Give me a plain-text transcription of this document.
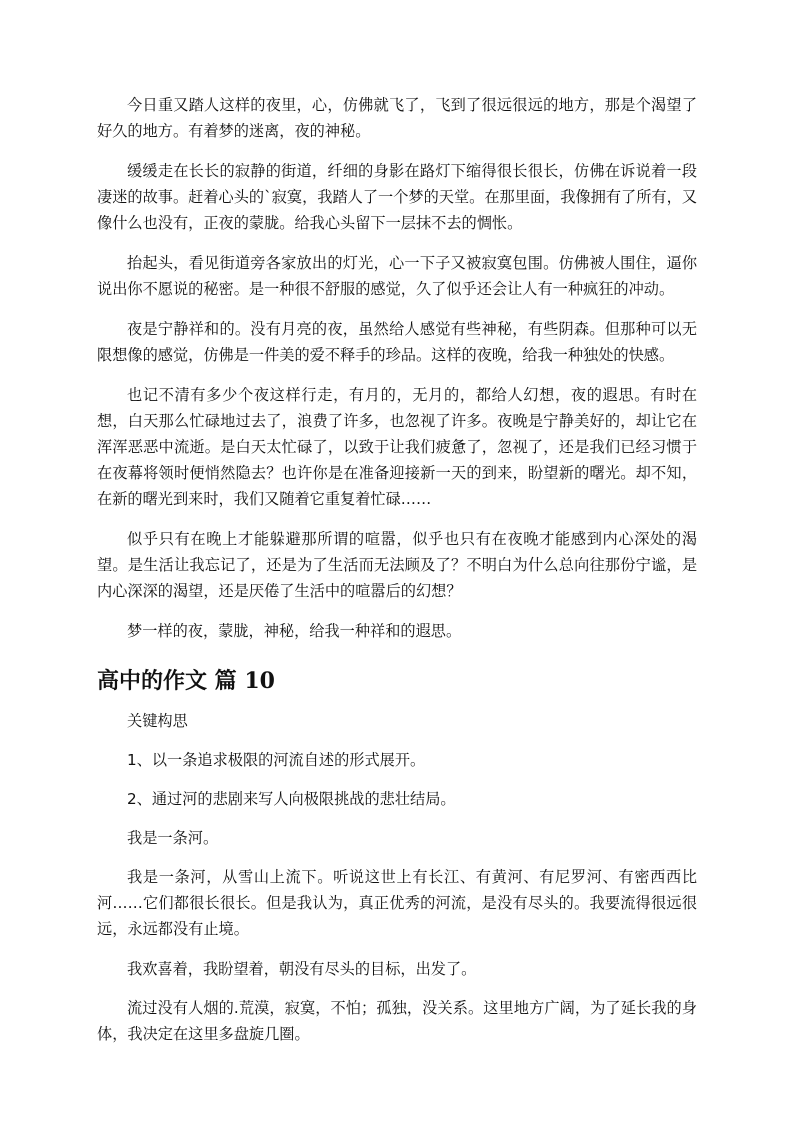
今日重又踏人这样的夜里，心，仿佛就飞了，飞到了很远很远的地方，那是个渴望了好久的地方。有着梦的迷离，夜的神秘。

缓缓走在长长的寂静的街道，纤细的身影在路灯下缩得很长很长，仿佛在诉说着一段凄迷的故事。赶着心头的`寂寞，我踏人了一个梦的天堂。在那里面，我像拥有了所有，又像什么也没有，正夜的蒙胧。给我心头留下一层抹不去的惆怅。

抬起头，看见街道旁各家放出的灯光，心一下子又被寂寞包围。仿佛被人围住，逼你说出你不愿说的秘密。是一种很不舒服的感觉，久了似乎还会让人有一种疯狂的冲动。

夜是宁静祥和的。没有月亮的夜，虽然给人感觉有些神秘，有些阴森。但那种可以无限想像的感觉，仿佛是一件美的爱不释手的珍品。这样的夜晚，给我一种独处的快感。

也记不清有多少个夜这样行走，有月的，无月的，都给人幻想，夜的遐思。有时在想，白天那么忙碌地过去了，浪费了许多，也忽视了许多。夜晚是宁静美好的，却让它在浑浑恶恶中流逝。是白天太忙碌了，以致于让我们疲惫了，忽视了，还是我们已经习惯于在夜幕将领时便悄然隐去？也许你是在准备迎接新一天的到来，盼望新的曙光。却不知，在新的曙光到来时，我们又随着它重复着忙碌……

似乎只有在晚上才能躲避那所谓的喧嚣，似乎也只有在夜晚才能感到内心深处的渴望。是生活让我忘记了，还是为了生活而无法顾及了？不明白为什么总向往那份宁谧，是内心深深的渴望，还是厌倦了生活中的喧嚣后的幻想？

梦一样的夜，蒙胧，神秘，给我一种祥和的遐思。

高中的作文 篇 10

关键构思

1、以一条追求极限的河流自述的形式展开。

2、通过河的悲剧来写人向极限挑战的悲壮结局。

我是一条河。

我是一条河，从雪山上流下。听说这世上有长江、有黄河、有尼罗河、有密西西比河……它们都很长很长。但是我认为，真正优秀的河流，是没有尽头的。我要流得很远很远，永远都没有止境。

我欢喜着，我盼望着，朝没有尽头的目标，出发了。

流过没有人烟的.荒漠，寂寞，不怕；孤独，没关系。这里地方广阔，为了延长我的身体，我决定在这里多盘旋几圈。
